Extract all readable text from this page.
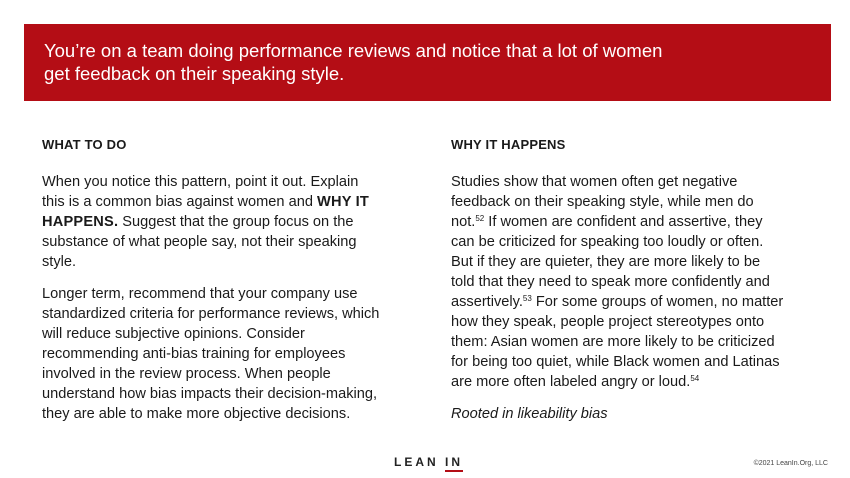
You’re on a team doing performance reviews and notice that a lot of women

get feedback on their speaking style.

WHAT TO DO
When you notice this pattern, point it out. Explain
this is a common bias against women and WHY IT
HAPPENS. Suggest that the group focus on the
substance of what people say, not their speaking
style.
Longer term, recommend that your company use
standardized criteria for performance reviews, which
will reduce subjective opinions. Consider
recommending anti-bias training for employees
involved in the review process. When people
understand how bias impacts their decision-making,
they are able to make more objective decisions.
WHY IT HAPPENS
Studies show that women often get negative
feedback on their speaking style, while men do
not.$^{52}$ If women are confident and assertive, they
can be criticized for speaking too loudly or often.
But if they are quieter, they are more likely to be
told that they need to speak more confidently and
assertively.$^{53}$ For some groups of women, no matter
how they speak, people project stereotypes onto
them: Asian women are more likely to be criticized
for being too quiet, while Black women and Latinas
are more often labeled angry or loud.$^{54}$
Rooted in likeability bias
LEAN IN	©2021 LeanIn.Org, LLC
